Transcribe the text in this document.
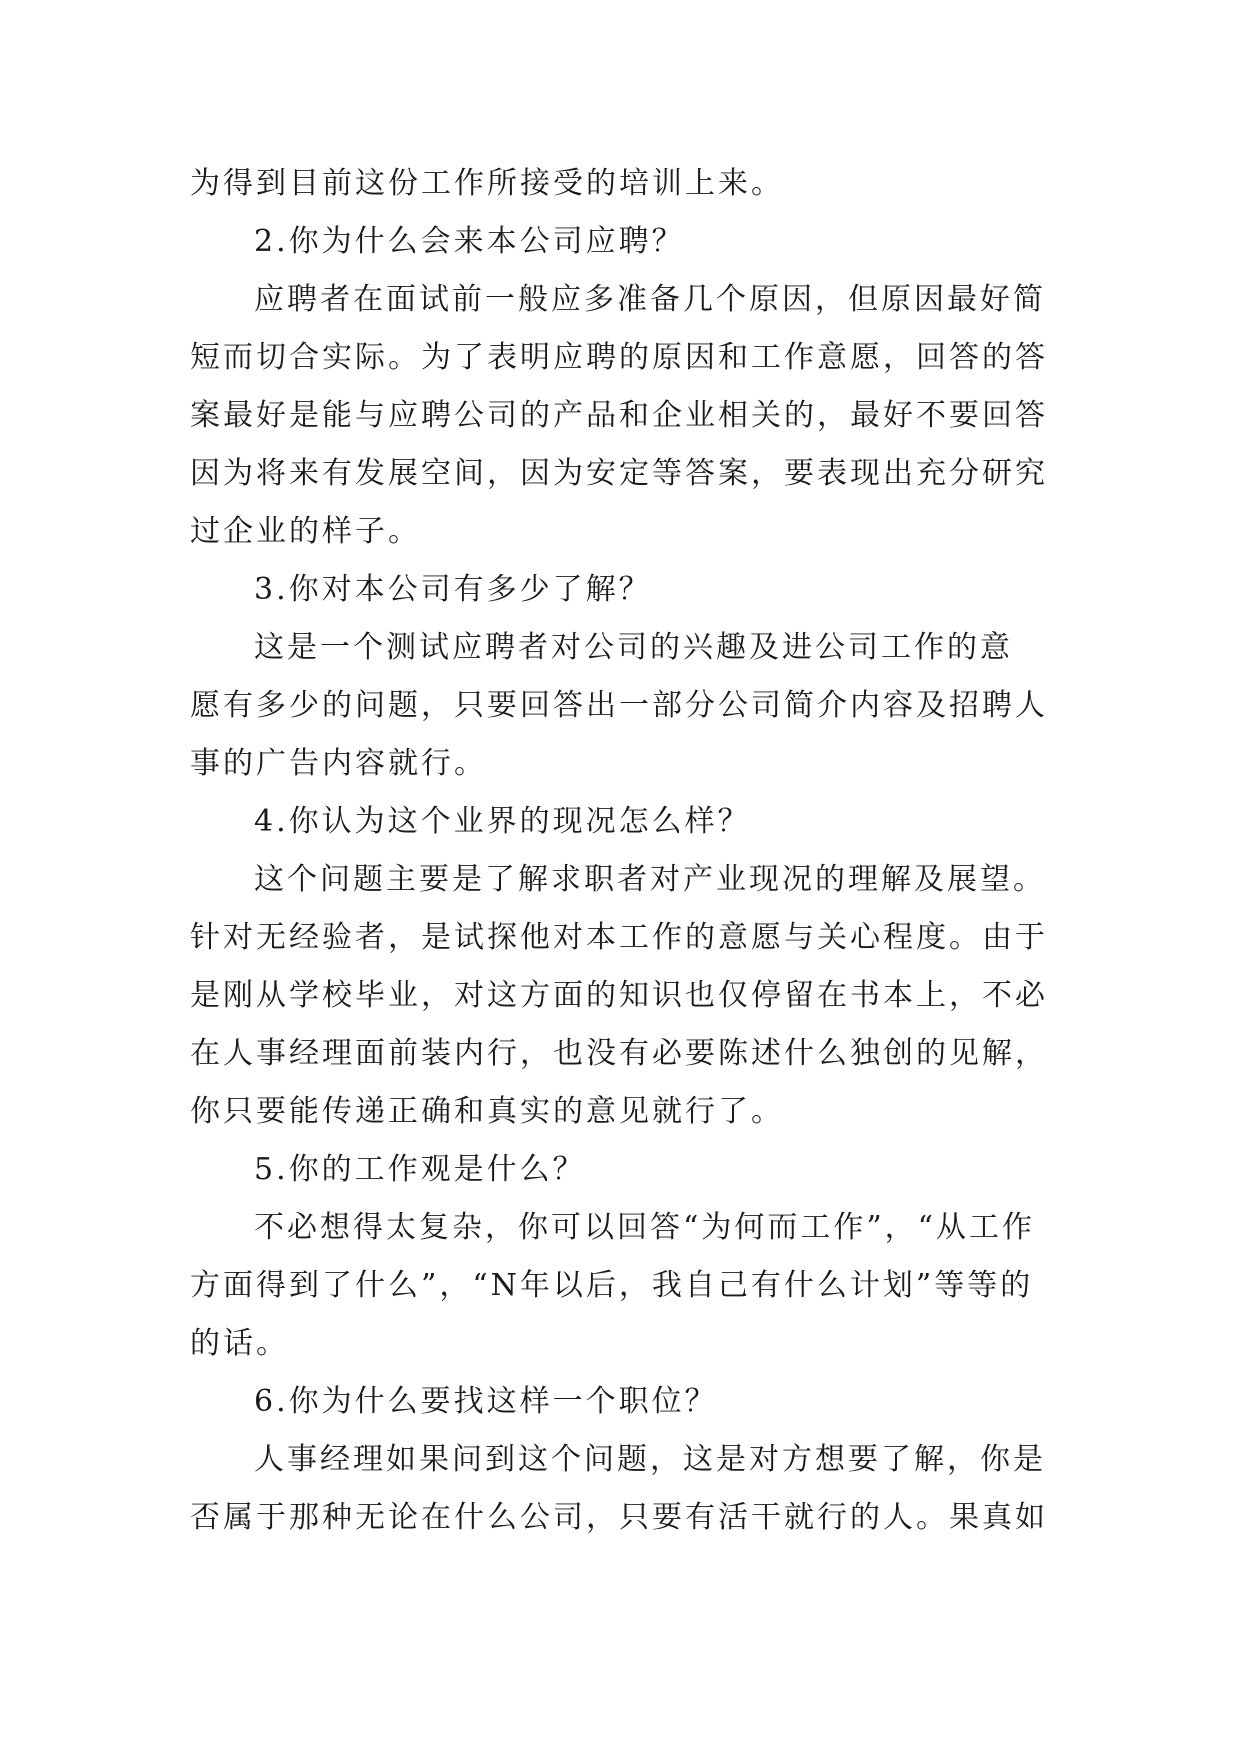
为得到目前这份工作所接受的培训上来。
2.你为什么会来本公司应聘？
应聘者在面试前一般应多准备几个原因，但原因最好简
短而切合实际。为了表明应聘的原因和工作意愿，回答的答
案最好是能与应聘公司的产品和企业相关的，最好不要回答
因为将来有发展空间，因为安定等答案，要表现出充分研究
过企业的样子。
3.你对本公司有多少了解？
这是一个测试应聘者对公司的兴趣及进公司工作的意
愿有多少的问题，只要回答出一部分公司简介内容及招聘人
事的广告内容就行。
4.你认为这个业界的现况怎么样？
这个问题主要是了解求职者对产业现况的理解及展望。
针对无经验者，是试探他对本工作的意愿与关心程度。由于
是刚从学校毕业，对这方面的知识也仅停留在书本上，不必
在人事经理面前装内行，也没有必要陈述什么独创的见解，
你只要能传递正确和真实的意见就行了。
5.你的工作观是什么？
不必想得太复杂，你可以回答“为何而工作”，“从工作
方面得到了什么”，“N年以后，我自己有什么计划”等等的
的话。
6.你为什么要找这样一个职位？
人事经理如果问到这个问题，这是对方想要了解，你是
否属于那种无论在什么公司，只要有活干就行的人。果真如
